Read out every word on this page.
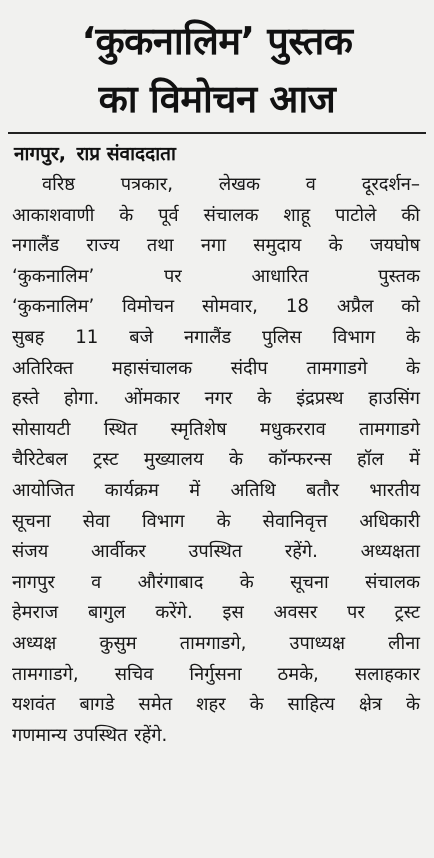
‘कुकनालिम’ पुस्तक
का विमोचन आज
नागपुर, राप्र संवाददाता
वरिष्ठ पत्रकार, लेखक व दूरदर्शन–
आकाशवाणी के पूर्व संचालक शाहू पाटोले की
नगालैंड राज्य तथा नगा समुदाय के जयघोष
‘कुकनालिम’ पर आधारित पुस्तक
‘कुकनालिम’ विमोचन सोमवार, 18 अप्रैल को
सुबह 11 बजे नगालैंड पुलिस विभाग के
अतिरिक्त महासंचालक संदीप तामगाडगे के
हस्ते होगा. ओंमकार नगर के इंद्रप्रस्थ हाउसिंग
सोसायटी स्थित स्मृतिशेष मधुकरराव तामगाडगे
चैरिटेबल ट्रस्ट मुख्यालय के कॉन्फरन्स हॉल में
आयोजित कार्यक्रम में अतिथि बतौर भारतीय
सूचना सेवा विभाग के सेवानिवृत्त अधिकारी
संजय आर्वीकर उपस्थित रहेंगे. अध्यक्षता
नागपुर व औरंगाबाद के सूचना संचालक
हेमराज बागुल करेंगे. इस अवसर पर ट्रस्ट
अध्यक्ष कुसुम तामगाडगे, उपाध्यक्ष लीना
तामगाडगे, सचिव निर्गुसना ठमके, सलाहकार
यशवंत बागडे समेत शहर के साहित्य क्षेत्र के
गणमान्य उपस्थित रहेंगे.
